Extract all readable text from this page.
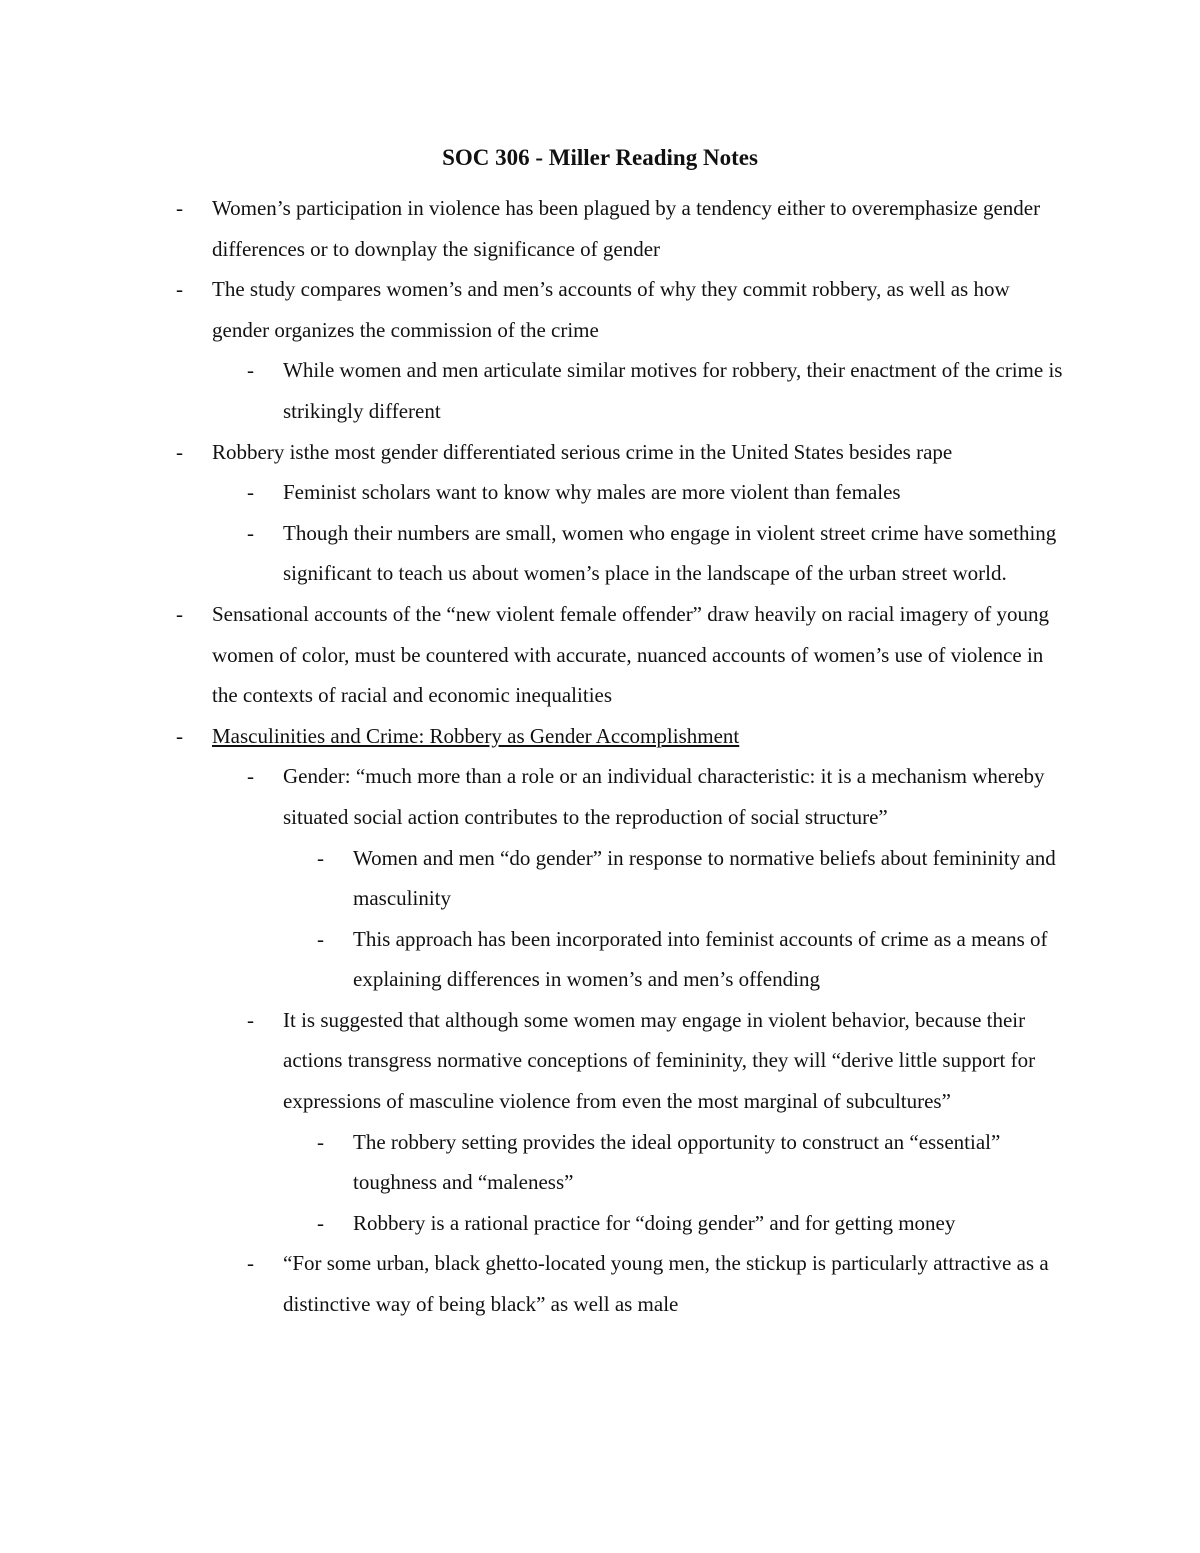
SOC 306 - Miller Reading Notes
- Women’s participation in violence has been plagued by a tendency either to overemphasize gender differences or to downplay the significance of gender
- The study compares women’s and men’s accounts of why they commit robbery, as well as how gender organizes the commission of the crime
- While women and men articulate similar motives for robbery, their enactment of the crime is strikingly different
- Robbery isthe most gender differentiated serious crime in the United States besides rape
- Feminist scholars want to know why males are more violent than females
- Though their numbers are small, women who engage in violent street crime have something significant to teach us about women’s place in the landscape of the urban street world.
- Sensational accounts of the “new violent female offender” draw heavily on racial imagery of young women of color, must be countered with accurate, nuanced accounts of women’s use of violence in the contexts of racial and economic inequalities
- Masculinities and Crime: Robbery as Gender Accomplishment
- Gender: “much more than a role or an individual characteristic: it is a mechanism whereby situated social action contributes to the reproduction of social structure”
- Women and men “do gender” in response to normative beliefs about femininity and masculinity
- This approach has been incorporated into feminist accounts of crime as a means of explaining differences in women’s and men’s offending
- It is suggested that although some women may engage in violent behavior, because their actions transgress normative conceptions of femininity, they will “derive little support for expressions of masculine violence from even the most marginal of subcultures”
- The robbery setting provides the ideal opportunity to construct an “essential” toughness and “maleness”
- Robbery is a rational practice for “doing gender” and for getting money
- “For some urban, black ghetto-located young men, the stickup is particularly attractive as a distinctive way of being black” as well as male
